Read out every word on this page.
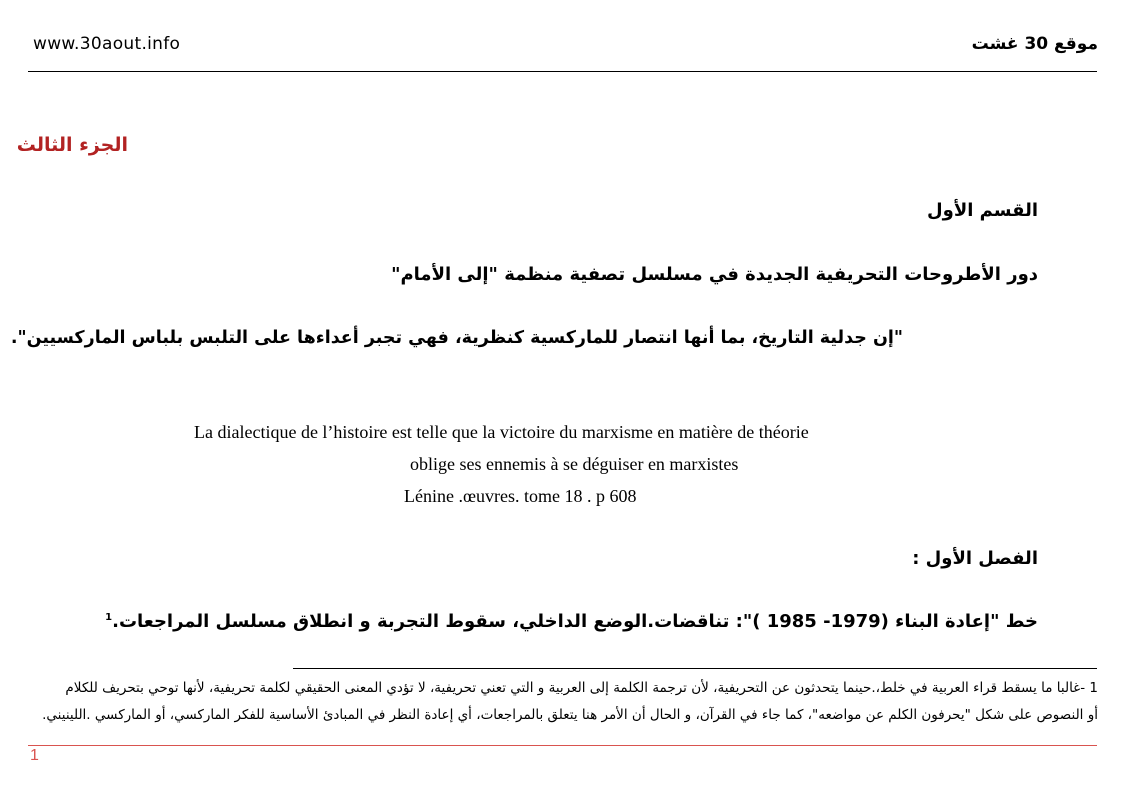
www.30aout.info	موقع 30 غشت
الجزء الثالث
القسم الأول
دور الأطروحات التحريفية الجديدة في مسلسل تصفية منظمة "إلى الأمام"
"إن جدلية التاريخ، بما أنها انتصار للماركسية كنظرية، فهي تجبر أعداءها على التلبس بلباس الماركسيين".
La dialectique de l’histoire est telle que la victoire du marxisme en matière de théorie
oblige ses ennemis à se déguiser en marxistes
Lénine .œuvres. tome 18 . p 608
الفصل الأول :
خط "إعادة البناء (1979- 1985 )": تناقضات.الوضع الداخلي، سقوط التجربة و انطلاق مسلسل المراجعات.$^1$
1 -غالبا ما يسقط قراء العربية في خلط،.حينما يتحدثون عن التحريفية، لأن ترجمة الكلمة إلى العربية و التي تعني تحريفية، لا تؤدي المعنى الحقيقي لكلمة تحريفية، لأنها توحي بتحريف للكلام
أو النصوص على شكل "يحرفون الكلم عن مواضعه"، كما جاء في القرآن، و الحال أن الأمر هنا يتعلق بالمراجعات، أي إعادة النظر في المبادئ الأساسية للفكر الماركسي، أو الماركسي .اللينيني.
1
